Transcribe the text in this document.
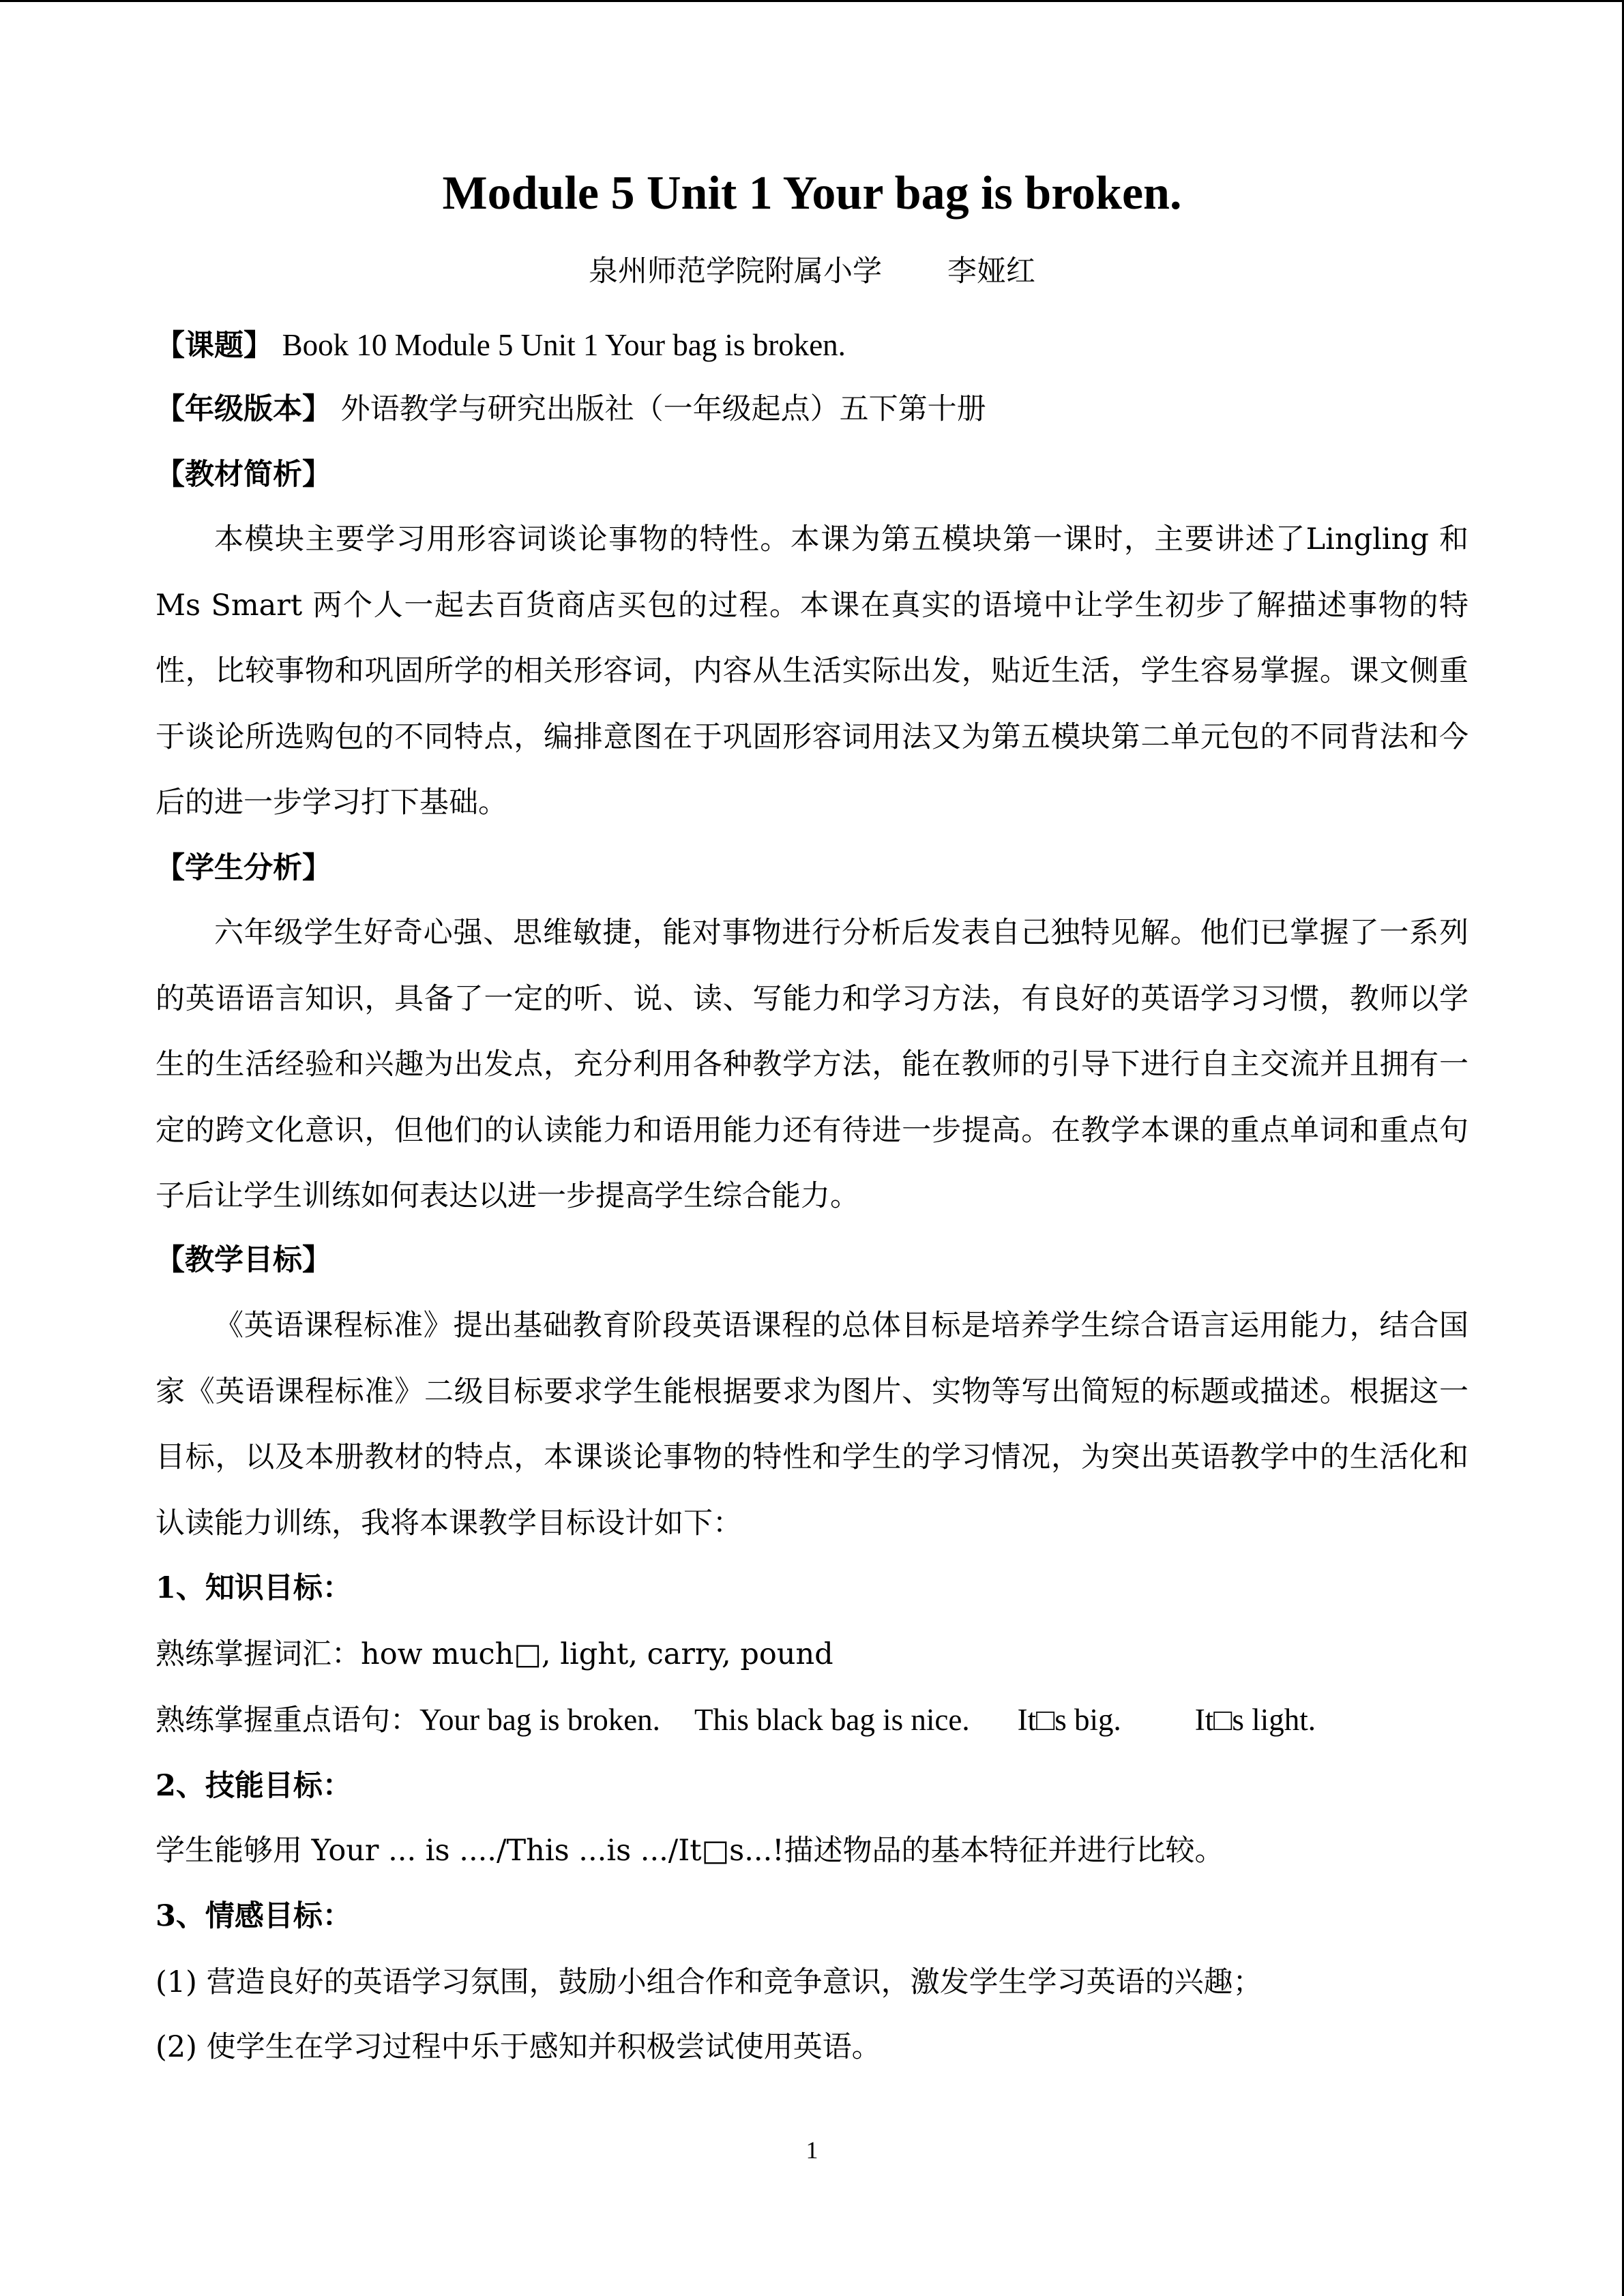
Module 5 Unit 1 Your bag is broken.
泉州师范学院附属小学 李娅红
【课题】 Book 10 Module 5 Unit 1 Your bag is broken.
【年级版本】 外语教学与研究出版社（一年级起点）五下第十册
【教材简析】
本模块主要学习用形容词谈论事物的特性。本课为第五模块第一课时，主要讲述了Lingling 和 Ms Smart 两个人一起去百货商店买包的过程。本课在真实的语境中让学生初步了解描述事物的特性，比较事物和巩固所学的相关形容词，内容从生活实际出发，贴近生活，学生容易掌握。课文侧重于谈论所选购包的不同特点，编排意图在于巩固形容词用法又为第五模块第二单元包的不同背法和今后的进一步学习打下基础。
【学生分析】
六年级学生好奇心强、思维敏捷，能对事物进行分析后发表自己独特见解。他们已掌握了一系列的英语语言知识，具备了一定的听、说、读、写能力和学习方法，有良好的英语学习习惯，教师以学生的生活经验和兴趣为出发点，充分利用各种教学方法，能在教师的引导下进行自主交流并且拥有一定的跨文化意识，但他们的认读能力和语用能力还有待进一步提高。在教学本课的重点单词和重点句子后让学生训练如何表达以进一步提高学生综合能力。
【教学目标】
《英语课程标准》提出基础教育阶段英语课程的总体目标是培养学生综合语言运用能力，结合国家《英语课程标准》二级目标要求学生能根据要求为图片、实物等写出简短的标题或描述。根据这一目标，以及本册教材的特点，本课谈论事物的特性和学生的学习情况，为突出英语教学中的生活化和认读能力训练，我将本课教学目标设计如下：
1、知识目标：
熟练掌握词汇：how much□, light, carry, pound
熟练掌握重点语句：Your bag is broken. This black bag is nice. It□s big. It□s light.
2、技能目标：
学生能够用 Your ... is ..../This ...is .../It□s...!描述物品的基本特征并进行比较。
3、情感目标：
(1) 营造良好的英语学习氛围，鼓励小组合作和竞争意识，激发学生学习英语的兴趣；
(2) 使学生在学习过程中乐于感知并积极尝试使用英语。
1
